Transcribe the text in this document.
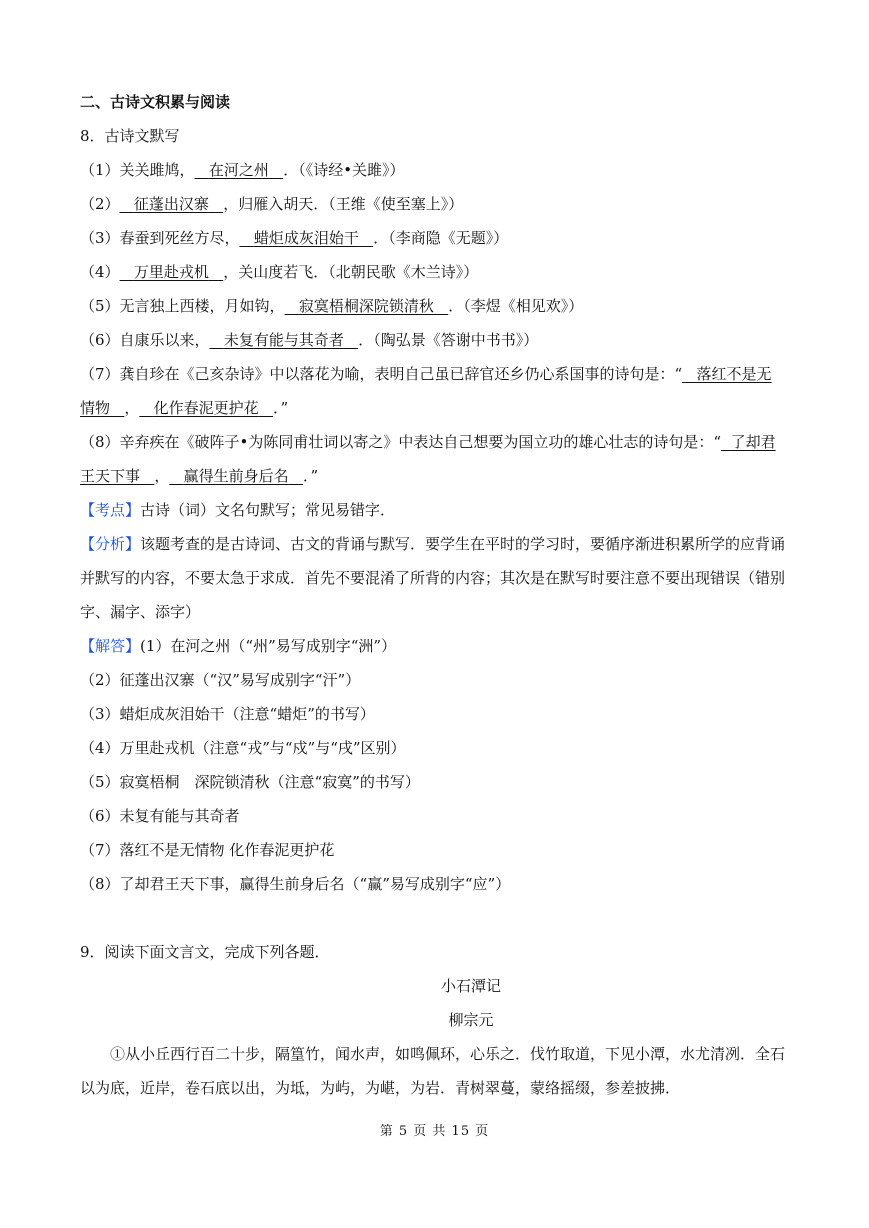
二、古诗文积累与阅读
8．古诗文默写
（1）关关雎鸠， 在河之州 ．（《诗经•关雎》）
（2） 征蓬出汉寨 ，归雁入胡天．（王维《使至塞上》）
（3）春蚕到死丝方尽， 蜡炬成灰泪始干 ．（李商隐《无题》）
（4） 万里赴戎机 ，关山度若飞．（北朝民歌《木兰诗》）
（5）无言独上西楼，月如钩， 寂寞梧桐深院锁清秋 ．（李煜《相见欢》）
（6）自康乐以来， 未复有能与其奇者 ．（陶弘景《答谢中书书》）
（7）龚自珍在《己亥杂诗》中以落花为喻，表明自己虽已辞官还乡仍心系国事的诗句是：“ 落红不是无
情物 ， 化作春泥更护花 ．”
（8）辛弃疾在《破阵子•为陈同甫壮词以寄之》中表达自己想要为国立功的雄心壮志的诗句是：“ 了却君
王天下事 ， 赢得生前身后名 ．”
【考点】古诗（词）文名句默写；常见易错字．
【分析】该题考查的是古诗词、古文的背诵与默写．要学生在平时的学习时，要循序渐进积累所学的应背诵并默写的内容，不要太急于求成．首先不要混淆了所背的内容；其次是在默写时要注意不要出现错误（错别字、漏字、添字）
【解答】(1）在河之州（“州”易写成别字“洲”）
（2）征蓬出汉寨（“汉”易写成别字“汗”）
（3）蜡炬成灰泪始干（注意“蜡炬”的书写）
（4）万里赴戎机（注意“戎”与“戍”与“戌”区别）
（5）寂寞梧桐　深院锁清秋（注意“寂寞”的书写）
（6）未复有能与其奇者
（7）落红不是无情物 化作春泥更护花
（8）了却君王天下事，赢得生前身后名（“赢”易写成别字“应”）
9．阅读下面文言文，完成下列各题．
小石潭记
柳宗元
①从小丘西行百二十步，隔篁竹，闻水声，如鸣佩环，心乐之．伐竹取道，下见小潭，水尤清冽．全石以为底，近岸，卷石底以出，为坻，为屿，为嵁，为岩．青树翠蔓，蒙络摇缀，参差披拂．
第 5 页 共 15 页
